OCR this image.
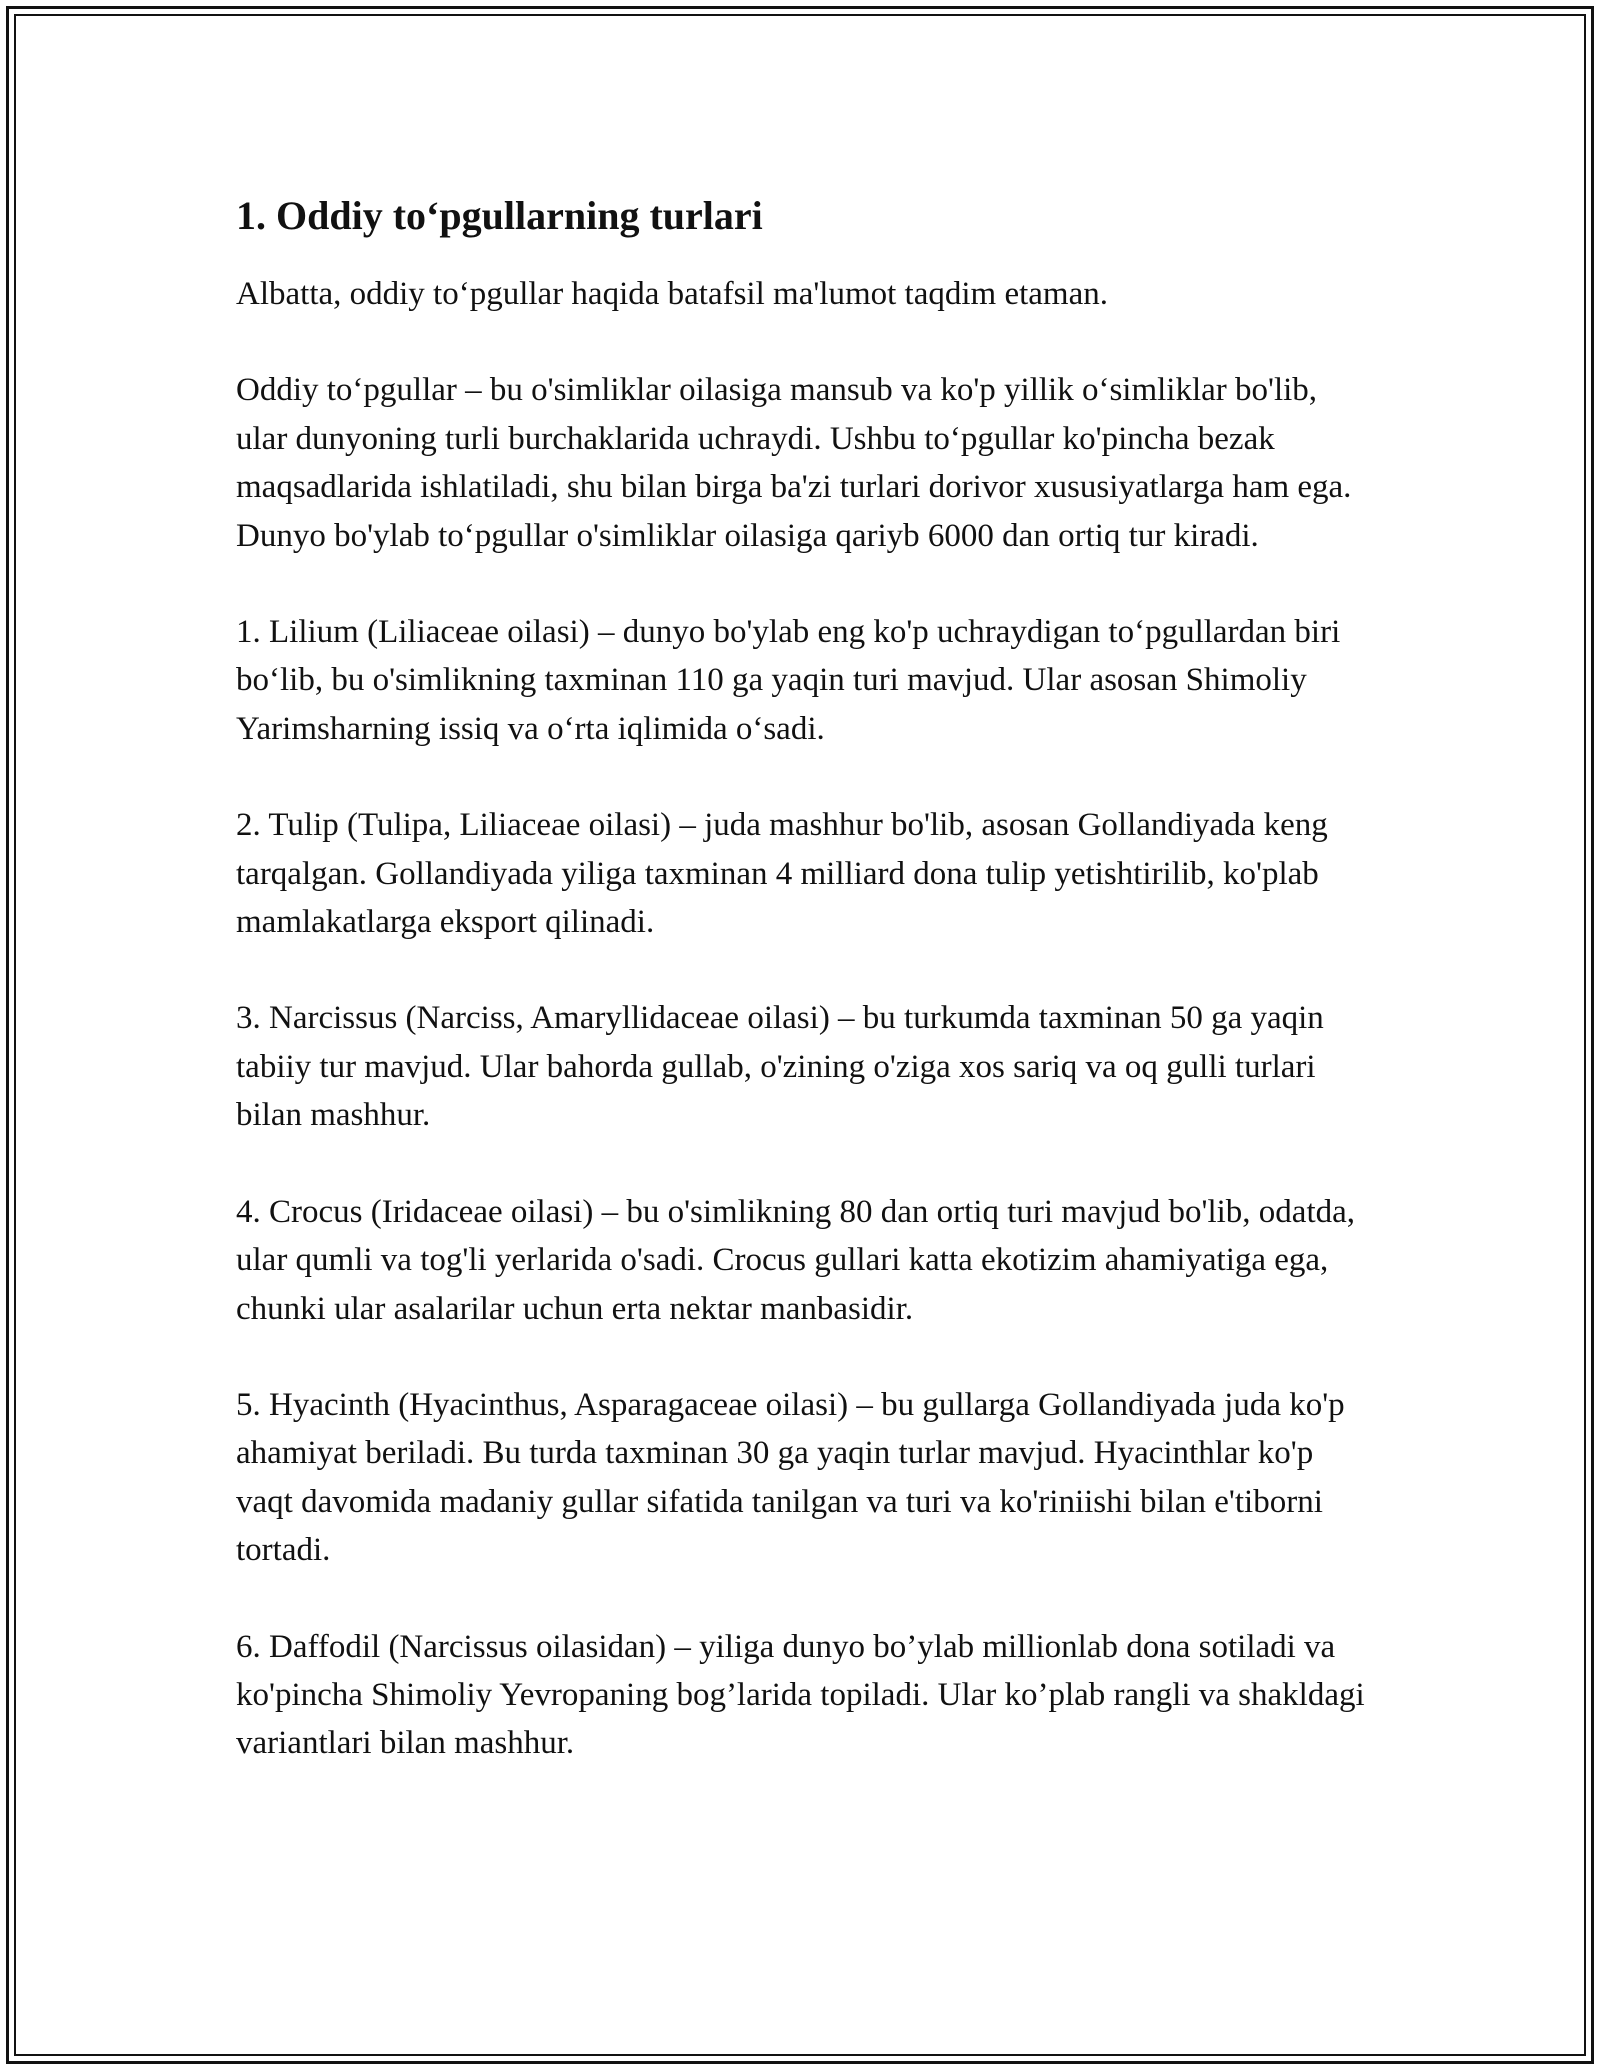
1. Oddiy to‘pgullarning turlari

Albatta, oddiy to‘pgullar haqida batafsil ma'lumot taqdim etaman.

Oddiy to‘pgullar – bu o'simliklar oilasiga mansub va ko'p yillik o‘simliklar bo'lib, ular dunyoning turli burchaklarida uchraydi. Ushbu to‘pgullar ko'pincha bezak maqsadlarida ishlatiladi, shu bilan birga ba'zi turlari dorivor xususiyatlarga ham ega. Dunyo bo'ylab to‘pgullar o'simliklar oilasiga qariyb 6000 dan ortiq tur kiradi.

1. Lilium (Liliaceae oilasi) – dunyo bo'ylab eng ko'p uchraydigan to‘pgullardan biri bo‘lib, bu o'simlikning taxminan 110 ga yaqin turi mavjud. Ular asosan Shimoliy Yarimsharning issiq va o‘rta iqlimida o‘sadi.

2. Tulip (Tulipa, Liliaceae oilasi) – juda mashhur bo'lib, asosan Gollandiyada keng tarqalgan. Gollandiyada yiliga taxminan 4 milliard dona tulip yetishtirilib, ko'plab mamlakatlarga eksport qilinadi.

3. Narcissus (Narciss, Amaryllidaceae oilasi) – bu turkumda taxminan 50 ga yaqin tabiiy tur mavjud. Ular bahorda gullab, o'zining o'ziga xos sariq va oq gulli turlari bilan mashhur.

4. Crocus (Iridaceae oilasi) – bu o'simlikning 80 dan ortiq turi mavjud bo'lib, odatda, ular qumli va tog'li yerlarida o'sadi. Crocus gullari katta ekotizim ahamiyatiga ega, chunki ular asalarilar uchun erta nektar manbasidir.

5. Hyacinth (Hyacinthus, Asparagaceae oilasi) – bu gullarga Gollandiyada juda ko'p ahamiyat beriladi. Bu turda taxminan 30 ga yaqin turlar mavjud. Hyacinthlar ko'p vaqt davomida madaniy gullar sifatida tanilgan va turi va ko'riniishi bilan e'tiborni tortadi.

6. Daffodil (Narcissus oilasidan) – yiliga dunyo bo’ylab millionlab dona sotiladi va ko'pincha Shimoliy Yevropaning bog’larida topiladi. Ular ko’plab rangli va shakldagi variantlari bilan mashhur.
